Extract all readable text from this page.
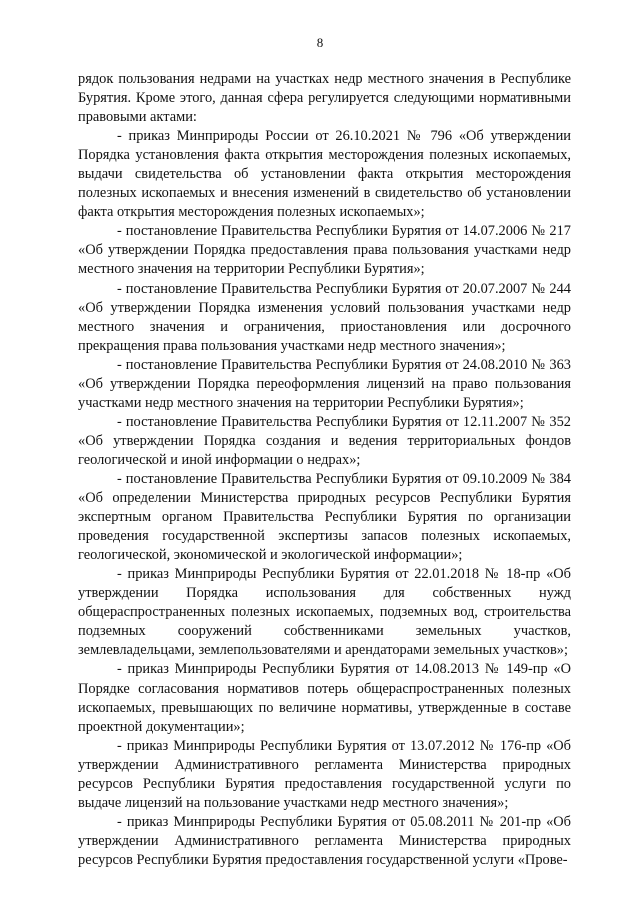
8

рядок пользования недрами на участках недр местного значения в Республике Бурятия. Кроме этого, данная сфера регулируется следующими нормативными правовыми актами:

- приказ Минприроды России от 26.10.2021 № 796 «Об утверждении Порядка установления факта открытия месторождения полезных ископаемых, выдачи свидетельства об установлении факта открытия месторождения полезных ископаемых и внесения изменений в свидетельство об установлении факта открытия месторождения полезных ископаемых»;

- постановление Правительства Республики Бурятия от 14.07.2006 № 217 «Об утверждении Порядка предоставления права пользования участками недр местного значения на территории Республики Бурятия»;

- постановление Правительства Республики Бурятия от 20.07.2007 № 244 «Об утверждении Порядка изменения условий пользования участками недр местного значения и ограничения, приостановления или досрочного прекращения права пользования участками недр местного значения»;

- постановление Правительства Республики Бурятия от 24.08.2010 № 363 «Об утверждении Порядка переоформления лицензий на право пользования участками недр местного значения на территории Республики Бурятия»;

- постановление Правительства Республики Бурятия от 12.11.2007 № 352 «Об утверждении Порядка создания и ведения территориальных фондов геологической и иной информации о недрах»;

- постановление Правительства Республики Бурятия от 09.10.2009 № 384 «Об определении Министерства природных ресурсов Республики Бурятия экспертным органом Правительства Республики Бурятия по организации проведения государственной экспертизы запасов полезных ископаемых, геологической, экономической и экологической информации»;

- приказ Минприроды Республики Бурятия от 22.01.2018 № 18-пр «Об утверждении Порядка использования для собственных нужд общераспространенных полезных ископаемых, подземных вод, строительства подземных сооружений собственниками земельных участков, землевладельцами, землепользователями и арендаторами земельных участков»;

- приказ Минприроды Республики Бурятия от 14.08.2013 № 149-пр «О Порядке согласования нормативов потерь общераспространенных полезных ископаемых, превышающих по величине нормативы, утвержденные в составе проектной документации»;

- приказ Минприроды Республики Бурятия от 13.07.2012 № 176-пр «Об утверждении Административного регламента Министерства природных ресурсов Республики Бурятия предоставления государственной услуги по выдаче лицензий на пользование участками недр местного значения»;

- приказ Минприроды Республики Бурятия от 05.08.2011 № 201-пр «Об утверждении Административного регламента Министерства природных ресурсов Республики Бурятия предоставления государственной услуги «Прове-
